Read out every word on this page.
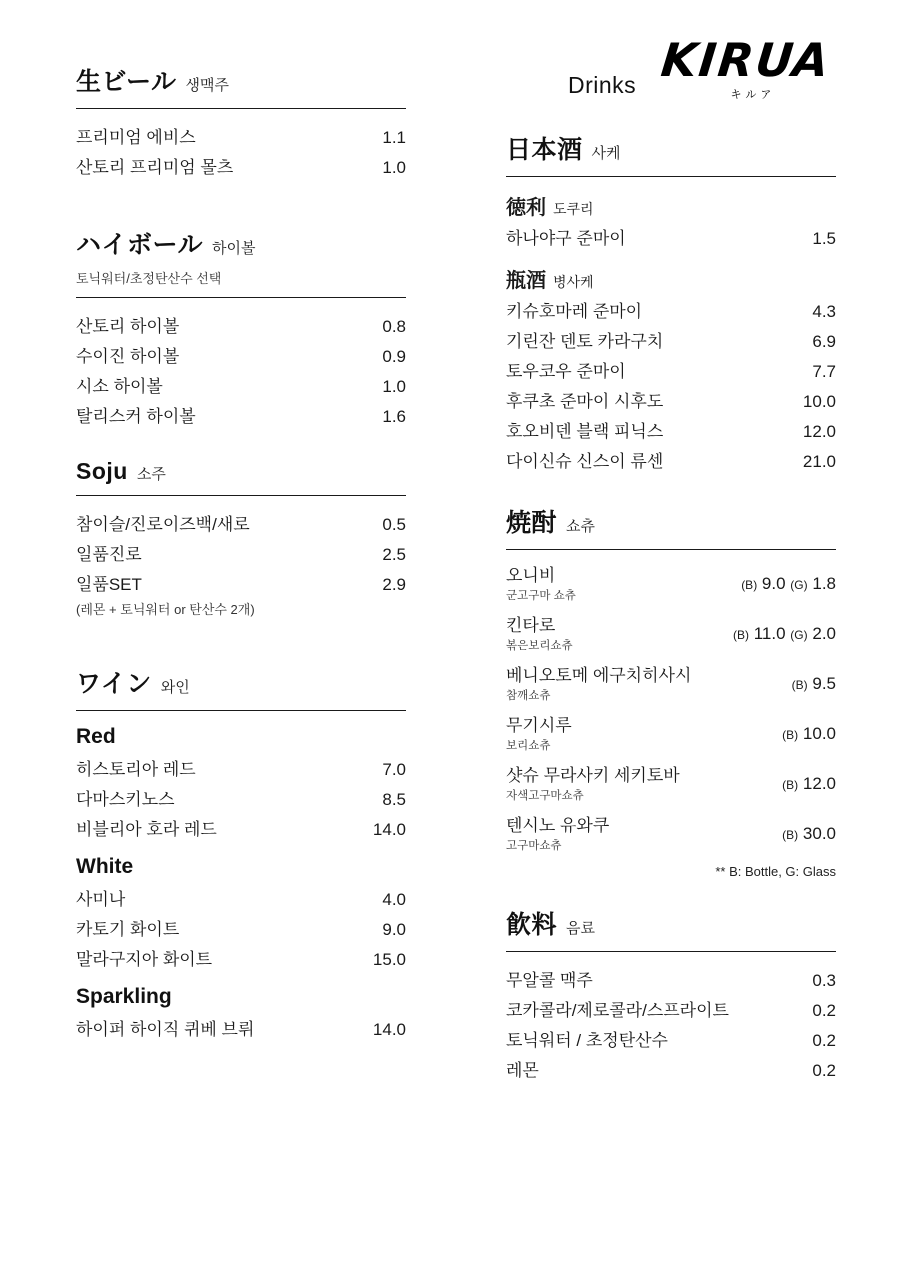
Drinks KIRUA
キルア
生ビール 생맥주
프리미엄 에비스	1.1
산토리 프리미엄 몰츠	1.0
ハイボール 하이볼
토닉워터/초정탄산수 선택
산토리 하이볼	0.8
수이진 하이볼	0.9
시소 하이볼	1.0
탈리스커 하이볼	1.6
Soju 소주
참이슬/진로이즈백/새로	0.5
일품진로	2.5
일품SET	2.9
(레몬 + 토닉워터 or 탄산수 2개)
ワイン 와인
Red
히스토리아 레드	7.0
다마스키노스	8.5
비블리아 호라 레드	14.0
White
사미나	4.0
카토기 화이트	9.0
말라구지아 화이트	15.0
Sparkling
하이퍼 하이직 퀴베 브뤼	14.0
日本酒 사케
徳利 도쿠리
하나야구 준마이	1.5
瓶酒 병사케
키슈호마레 준마이	4.3
기린잔 덴토 카라구치	6.9
토우코우 준마이	7.7
후쿠초 준마이 시후도	10.0
호오비덴 블랙 피닉스	12.0
다이신슈 신스이 류센	21.0
焼酎 쇼츄
오니비
군고구마 쇼츄
(B) 9.0 (G) 1.8
킨타로
볶은보리쇼츄
(B) 11.0 (G) 2.0
베니오토메 에구치히사시
참깨쇼츄
(B) 9.5
무기시루
보리쇼츄
(B) 10.0
샷슈 무라사키 세키토바
자색고구마쇼츄
(B) 12.0
텐시노 유와쿠
고구마쇼츄
(B) 30.0
** B: Bottle, G: Glass
飮料 음료
무알콜 맥주	0.3
코카콜라/제로콜라/스프라이트	0.2
토닉워터 / 초정탄산수	0.2
레몬	0.2
